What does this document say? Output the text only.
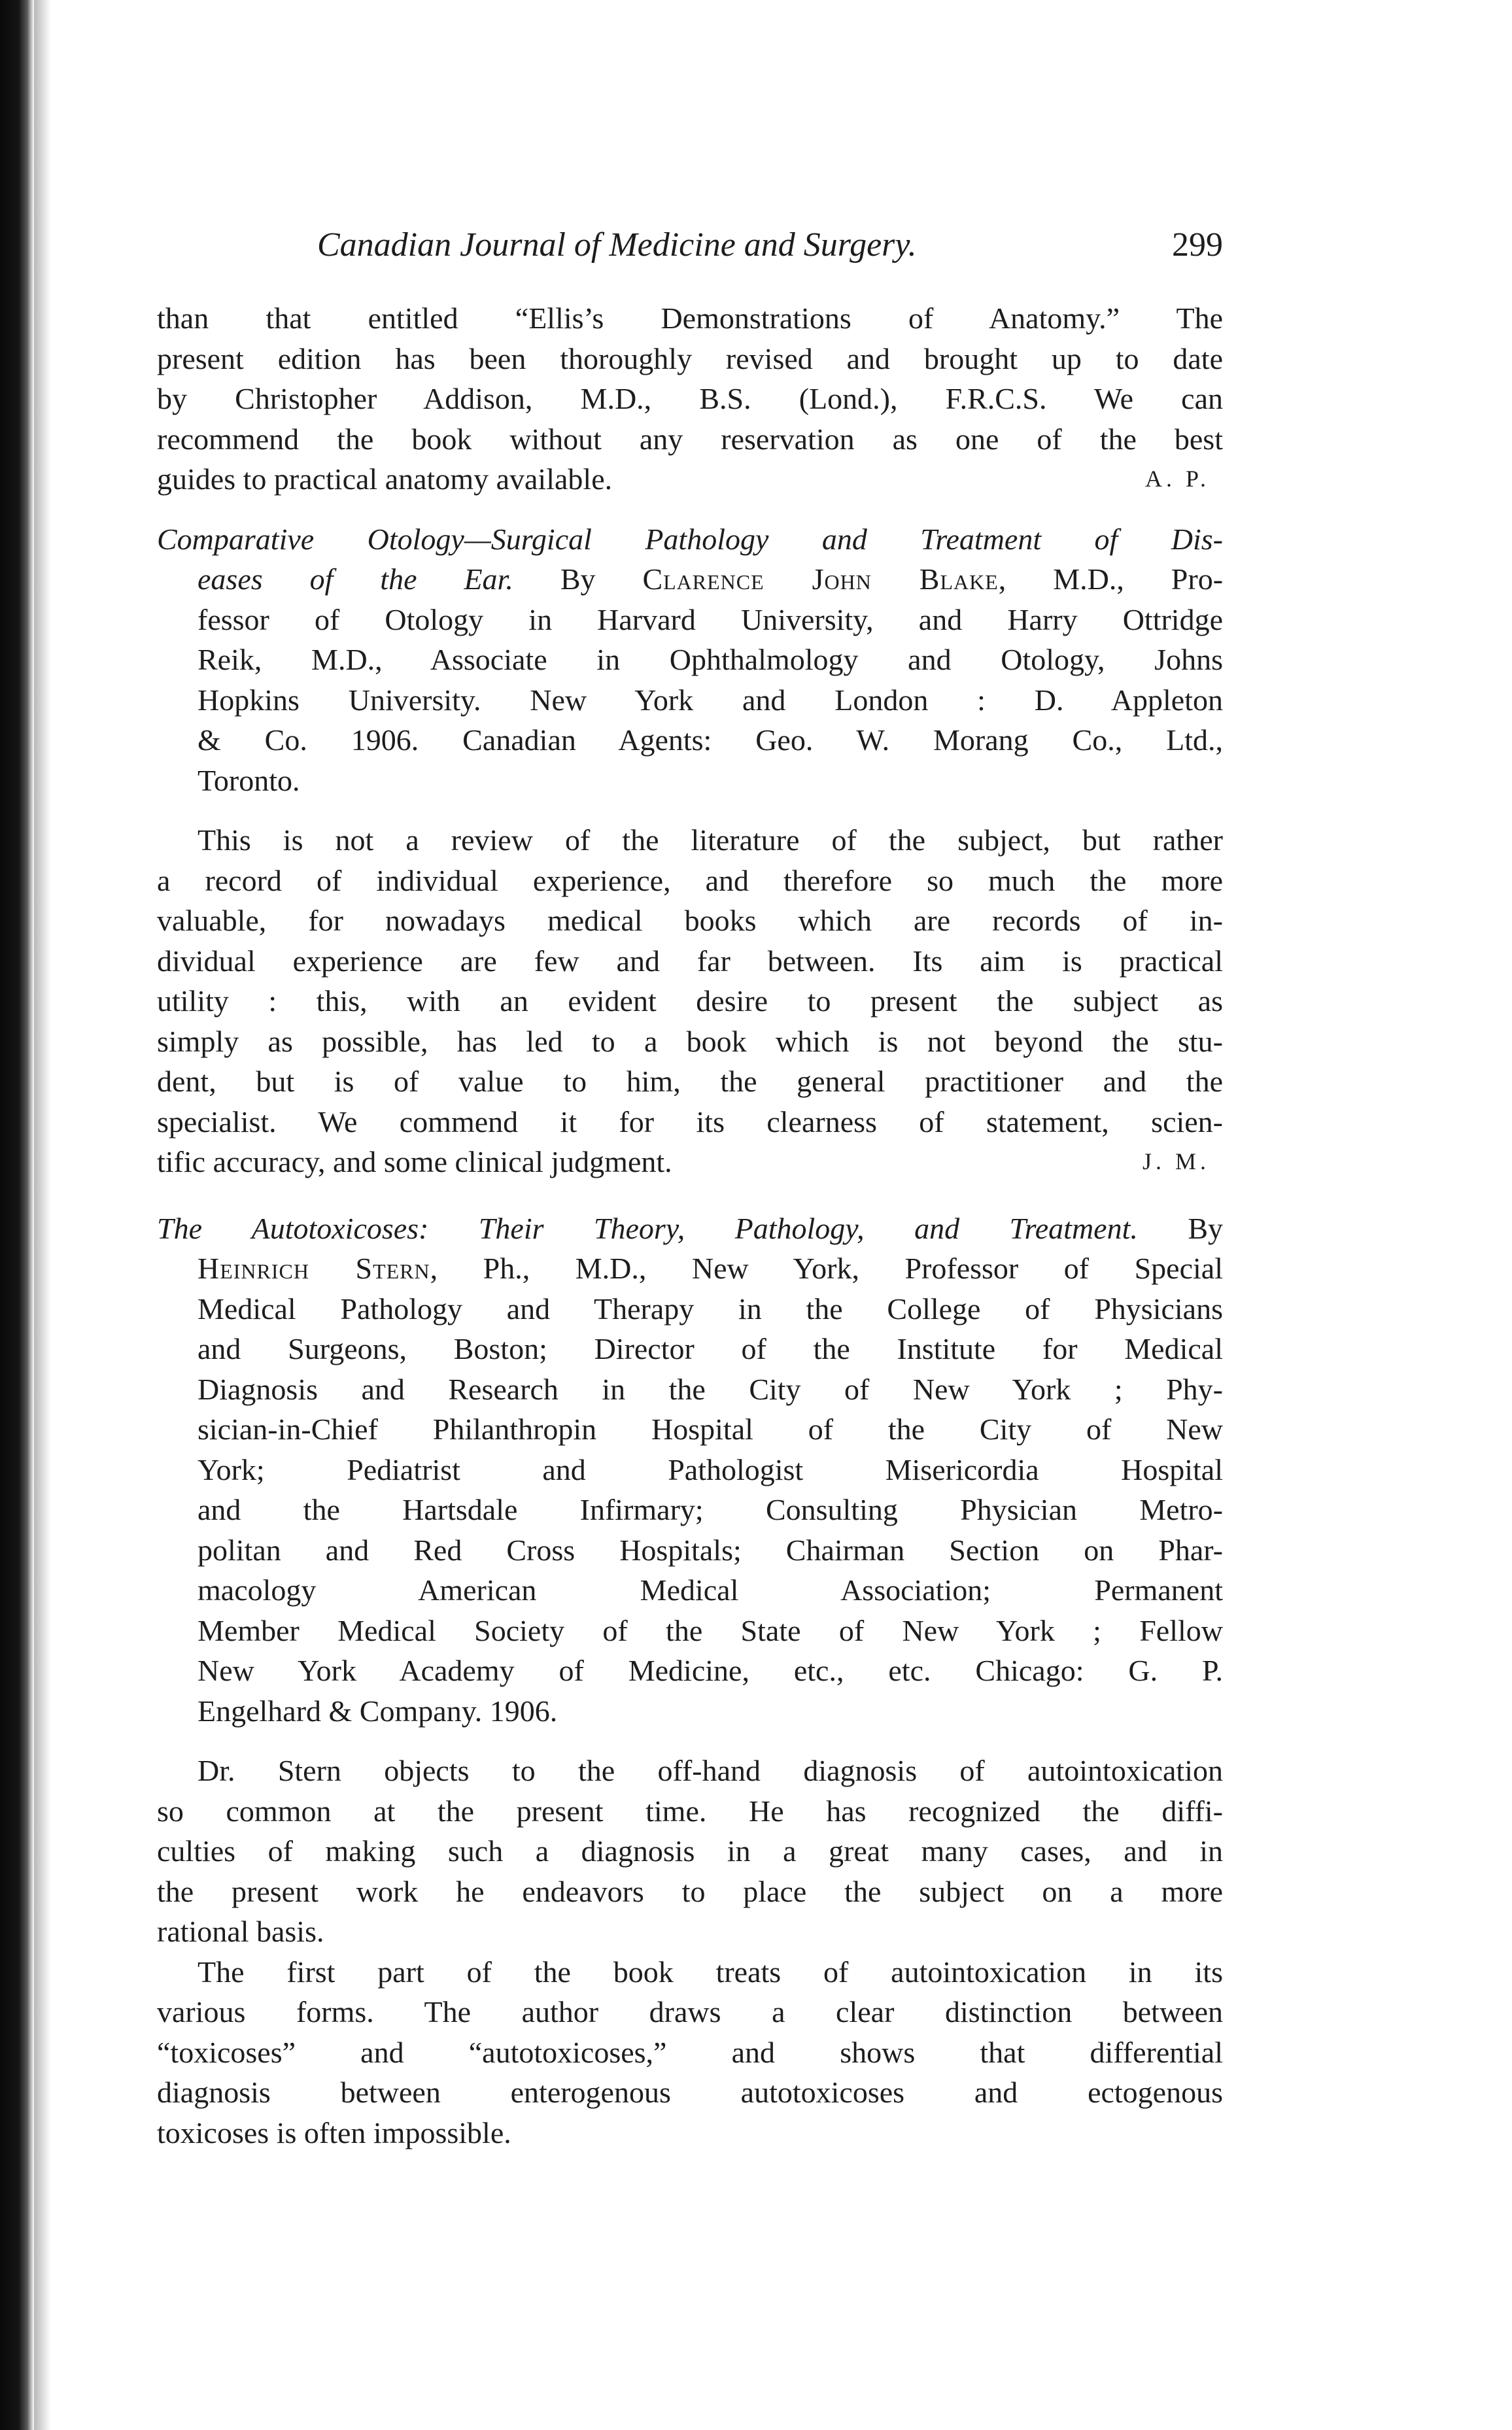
Canadian Journal of Medicine and Surgery.	299
than that entitled “Ellis’s Demonstrations of Anatomy.” The
present edition has been thoroughly revised and brought up to date
by Christopher Addison, M.D., B.S. (Lond.), F.R.C.S. We can
recommend the book without any reservation as one of the best
guides to practical anatomy available.	A. P.
Comparative Otology—Surgical Pathology and Treatment of Dis-
eases of the Ear. By Clarence John Blake, M.D., Pro-
fessor of Otology in Harvard University, and Harry Ottridge
Reik, M.D., Associate in Ophthalmology and Otology, Johns
Hopkins University. New York and London : D. Appleton
& Co. 1906. Canadian Agents: Geo. W. Morang Co., Ltd.,
Toronto.
This is not a review of the literature of the subject, but rather
a record of individual experience, and therefore so much the more
valuable, for nowadays medical books which are records of in-
dividual experience are few and far between. Its aim is practical
utility : this, with an evident desire to present the subject as
simply as possible, has led to a book which is not beyond the stu-
dent, but is of value to him, the general practitioner and the
specialist. We commend it for its clearness of statement, scien-
tific accuracy, and some clinical judgment.	J. M.
The Autotoxicoses: Their Theory, Pathology, and Treatment. By
Heinrich Stern, Ph., M.D., New York, Professor of Special
Medical Pathology and Therapy in the College of Physicians
and Surgeons, Boston; Director of the Institute for Medical
Diagnosis and Research in the City of New York ; Phy-
sician-in-Chief Philanthropin Hospital of the City of New
York; Pediatrist and Pathologist Misericordia Hospital
and the Hartsdale Infirmary; Consulting Physician Metro-
politan and Red Cross Hospitals; Chairman Section on Phar-
macology American Medical Association; Permanent
Member Medical Society of the State of New York ; Fellow
New York Academy of Medicine, etc., etc. Chicago: G. P.
Engelhard & Company. 1906.
Dr. Stern objects to the off-hand diagnosis of autointoxication
so common at the present time. He has recognized the diffi-
culties of making such a diagnosis in a great many cases, and in
the present work he endeavors to place the subject on a more
rational basis.
The first part of the book treats of autointoxication in its
various forms. The author draws a clear distinction between
“toxicoses” and “autotoxicoses,” and shows that differential
diagnosis between enterogenous autotoxicoses and ectogenous
toxicoses is often impossible.
